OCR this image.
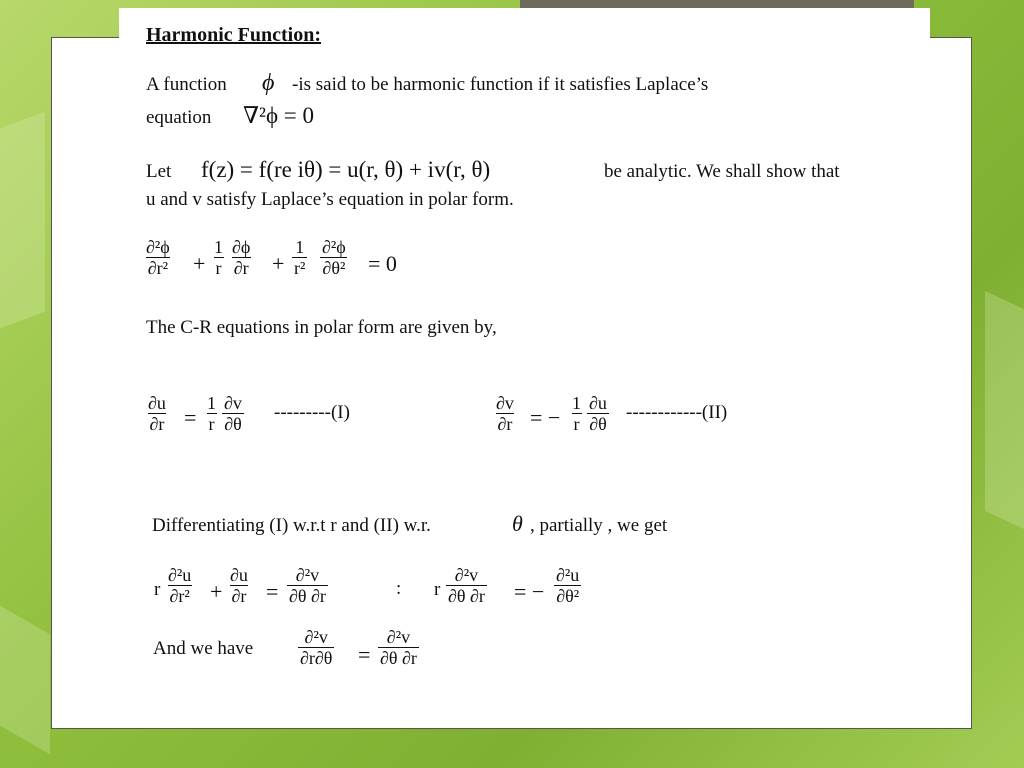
Harmonic Function:
A function ϕ -is said to be harmonic function if it satisfies Laplace’s
equation ∇²ϕ = 0
Let f(z) = f(re iθ) = u(r, θ) + iv(r, θ)	be analytic. We shall show that
u and v satisfy Laplace’s equation in polar form.
$\frac{\text{∂²ϕ}}{\text{∂r²}} + \frac{1}{r} \frac{\partial\phi}{\partial r} + \frac{1}{\text{r²}} \frac{\text{∂²ϕ}}{\text{∂θ²}} = 0$
The C-R equations in polar form are given by,
$\frac{\partial u}{\partial r} = \frac{1}{r} \frac{\partial v}{\partial\theta} ---------(I)$	$\frac{\partial v}{\partial r}$ = − $\frac{1}{r} \frac{\partial u}{\partial\theta} ------------(II)$
Differentiating (I) w.r.t r and (II) w.r.	θ , partially , we get
r $\frac{\text{∂²u}}{\text{∂r²}} + \frac{\partial u}{\partial r} = \frac{\text{∂²v}}{\partial\theta \partial r}$	: r $\frac{\text{∂²v}}{\partial\theta \partial r}$ = − $\frac{\text{∂²u}}{\text{∂θ²}}$
And we have $\frac{\text{∂²v}}{\partial r\partial\theta} = \frac{\text{∂²v}}{\partial\theta \partial r}$
